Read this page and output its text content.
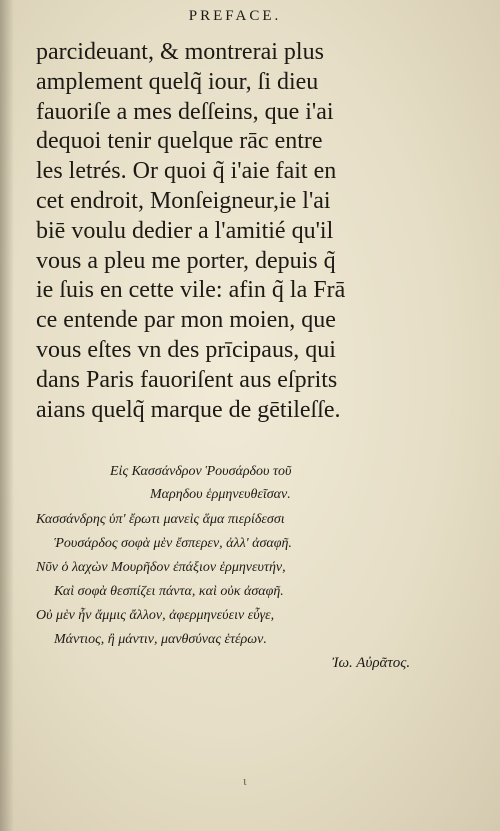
PREFACE.
parcideuant, & montrerai plus
amplement quelq̃ iour, ſi dieu
fauoriſe a mes deſſeins, que i'ai
dequoi tenir quelque rāc entre
les letrés. Or quoi q̃ i'aie fait en
cet endroit, Monſeigneur,ie l'ai
biē voulu dedier a l'amitié qu'il
vous a pleu me porter, depuis q̃
ie ſuis en cette vile: afin q̃ la Frā
ce entende par mon moien, que
vous eſtes vn des prīcipaus, qui
dans Paris fauoriſent aus eſprits
aians quelq̃ marque de gētileſſe.
Εἰς Κασσάνδρον Ῥουσάρδου τοῦ
Μαρηδου ἑρμηνευθεῖσαν.
Κασσάνδρης ὑπ' ἔρωτι μανεὶς ἅμα πιερίδεσσι
Ῥουσάρδος σοφὰ μὲν ἔσπερεν, ἀλλ' ἀσαφῆ.
Νῦν ὁ λαχὼν Μουρῆδον ἐπάξιον ἑρμηνευτήν,
Καὶ σοφὰ θεσπίζει πάντα, καὶ οὐκ ἀσαφῆ.
Οὐ μὲν ἦν ἄμμις ἄλλον, ἀφερμηνεύειν εὖγε,
Μάντιος, ἢ μάντιν, μανθσύνας ἑτέρων.
Ἰω. Αὐρᾶτος.
ι
